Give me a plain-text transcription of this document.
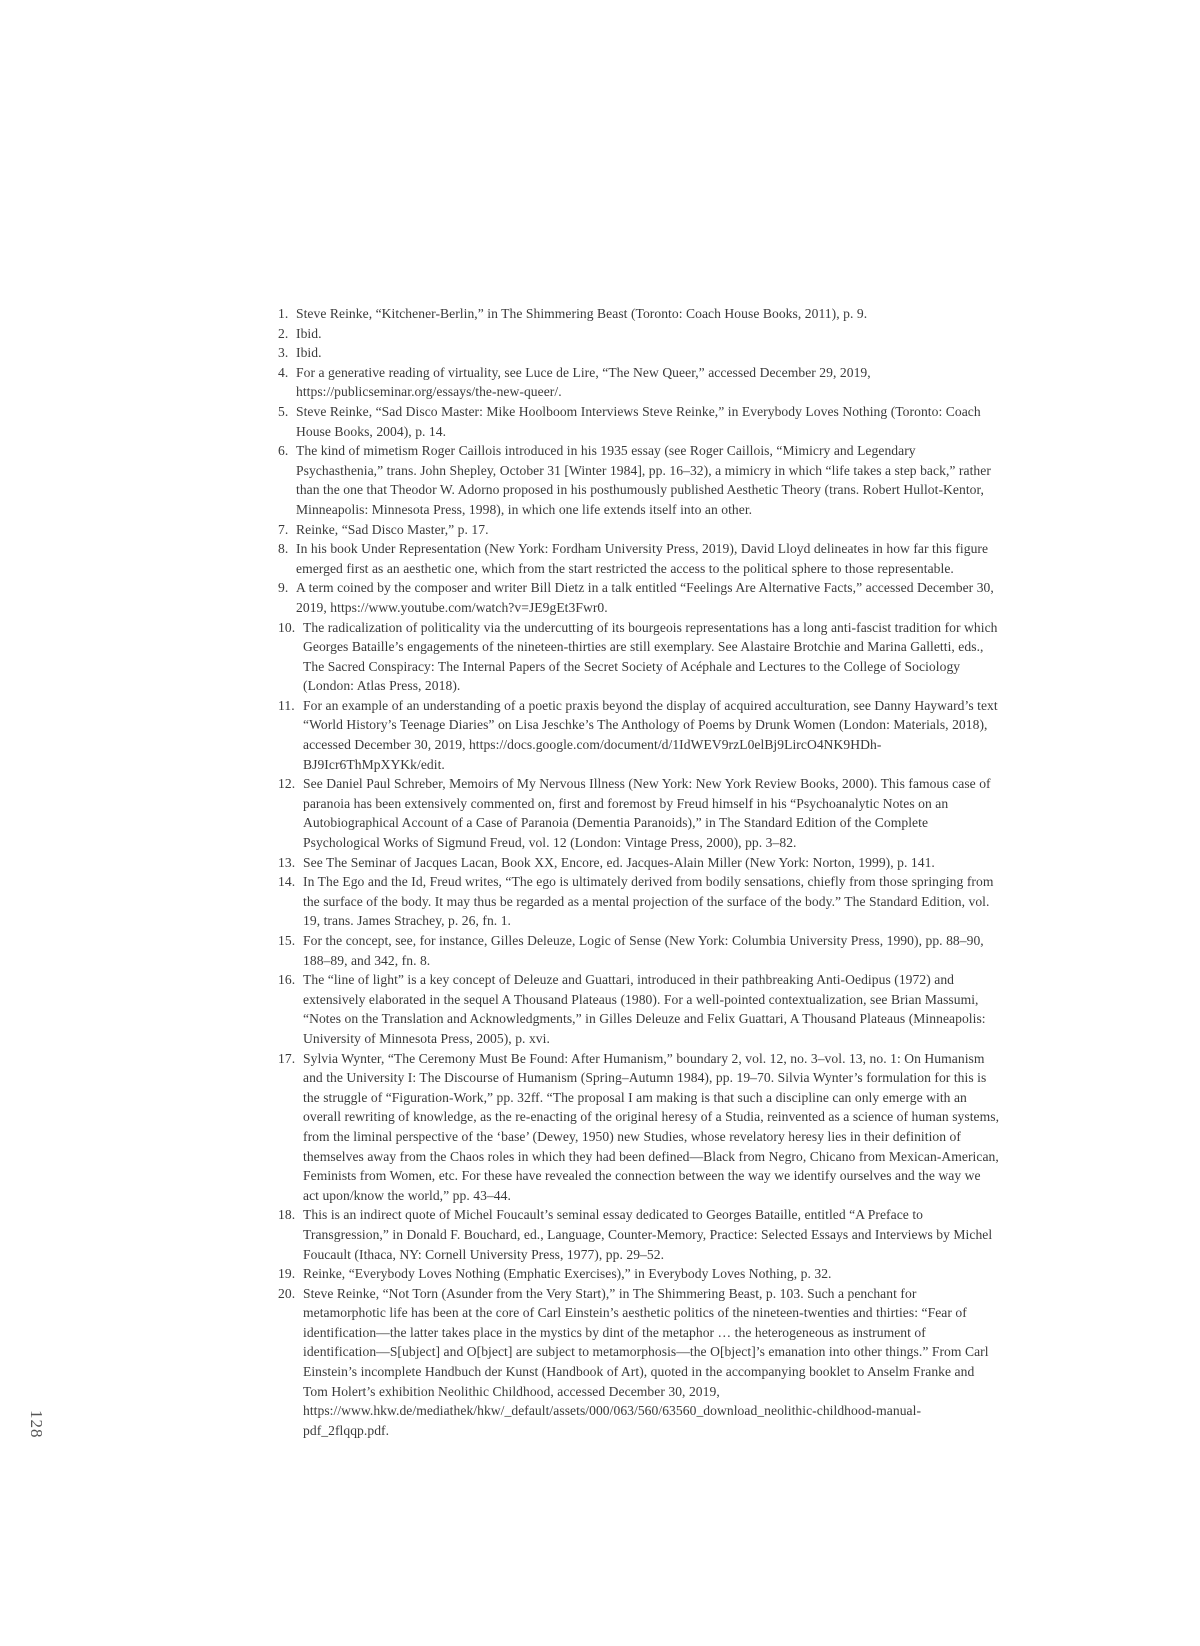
1. Steve Reinke, “Kitchener-Berlin,” in The Shimmering Beast (Toronto: Coach House Books, 2011), p. 9.
2. Ibid.
3. Ibid.
4. For a generative reading of virtuality, see Luce de Lire, “The New Queer,” accessed December 29, 2019, https://publicseminar.org/essays/the-new-queer/.
5. Steve Reinke, “Sad Disco Master: Mike Hoolboom Interviews Steve Reinke,” in Everybody Loves Nothing (Toronto: Coach House Books, 2004), p. 14.
6. The kind of mimetism Roger Caillois introduced in his 1935 essay (see Roger Caillois, “Mimicry and Legendary Psychasthenia,” trans. John Shepley, October 31 [Winter 1984], pp. 16–32), a mimicry in which “life takes a step back,” rather than the one that Theodor W. Adorno proposed in his posthumously published Aesthetic Theory (trans. Robert Hullot-Kentor, Minneapolis: Minnesota Press, 1998), in which one life extends itself into an other.
7. Reinke, “Sad Disco Master,” p. 17.
8. In his book Under Representation (New York: Fordham University Press, 2019), David Lloyd delineates in how far this figure emerged first as an aesthetic one, which from the start restricted the access to the political sphere to those representable.
9. A term coined by the composer and writer Bill Dietz in a talk entitled “Feelings Are Alternative Facts,” accessed December 30, 2019, https://www.youtube.com/watch?v=JE9gEt3Fwr0.
10. The radicalization of politicality via the undercutting of its bourgeois representations has a long anti-fascist tradition for which Georges Bataille’s engagements of the nineteen-thirties are still exemplary. See Alastaire Brotchie and Marina Galletti, eds., The Sacred Conspiracy: The Internal Papers of the Secret Society of Acéphale and Lectures to the College of Sociology (London: Atlas Press, 2018).
11. For an example of an understanding of a poetic praxis beyond the display of acquired acculturation, see Danny Hayward’s text “World History’s Teenage Diaries” on Lisa Jeschke’s The Anthology of Poems by Drunk Women (London: Materials, 2018), accessed December 30, 2019, https://docs.google.com/document/d/1IdWEV9rzL0elBj9LircO4NK9HDh-BJ9Icr6ThMpXYKk/edit.
12. See Daniel Paul Schreber, Memoirs of My Nervous Illness (New York: New York Review Books, 2000). This famous case of paranoia has been extensively commented on, first and foremost by Freud himself in his “Psychoanalytic Notes on an Autobiographical Account of a Case of Paranoia (Dementia Paranoids),” in The Standard Edition of the Complete Psychological Works of Sigmund Freud, vol. 12 (London: Vintage Press, 2000), pp. 3–82.
13. See The Seminar of Jacques Lacan, Book XX, Encore, ed. Jacques-Alain Miller (New York: Norton, 1999), p. 141.
14. In The Ego and the Id, Freud writes, “The ego is ultimately derived from bodily sensations, chiefly from those springing from the surface of the body. It may thus be regarded as a mental projection of the surface of the body.” The Standard Edition, vol. 19, trans. James Strachey, p. 26, fn. 1.
15. For the concept, see, for instance, Gilles Deleuze, Logic of Sense (New York: Columbia University Press, 1990), pp. 88–90, 188–89, and 342, fn. 8.
16. The “line of light” is a key concept of Deleuze and Guattari, introduced in their pathbreaking Anti-Oedipus (1972) and extensively elaborated in the sequel A Thousand Plateaus (1980). For a well-pointed contextualization, see Brian Massumi, “Notes on the Translation and Acknowledgments,” in Gilles Deleuze and Felix Guattari, A Thousand Plateaus (Minneapolis: University of Minnesota Press, 2005), p. xvi.
17. Sylvia Wynter, “The Ceremony Must Be Found: After Humanism,” boundary 2, vol. 12, no. 3–vol. 13, no. 1: On Humanism and the University I: The Discourse of Humanism (Spring–Autumn 1984), pp. 19–70. Silvia Wynter’s formulation for this is the struggle of “Figuration-Work,” pp. 32ff. “The proposal I am making is that such a discipline can only emerge with an overall rewriting of knowledge, as the re-enacting of the original heresy of a Studia, reinvented as a science of human systems, from the liminal perspective of the ‘base’ (Dewey, 1950) new Studies, whose revelatory heresy lies in their definition of themselves away from the Chaos roles in which they had been defined—Black from Negro, Chicano from Mexican-American, Feminists from Women, etc. For these have revealed the connection between the way we identify ourselves and the way we act upon/know the world,” pp. 43–44.
18. This is an indirect quote of Michel Foucault’s seminal essay dedicated to Georges Bataille, entitled “A Preface to Transgression,” in Donald F. Bouchard, ed., Language, Counter-Memory, Practice: Selected Essays and Interviews by Michel Foucault (Ithaca, NY: Cornell University Press, 1977), pp. 29–52.
19. Reinke, “Everybody Loves Nothing (Emphatic Exercises),” in Everybody Loves Nothing, p. 32.
20. Steve Reinke, “Not Torn (Asunder from the Very Start),” in The Shimmering Beast, p. 103. Such a penchant for metamorphotic life has been at the core of Carl Einstein’s aesthetic politics of the nineteen-twenties and thirties: “Fear of identification—the latter takes place in the mystics by dint of the metaphor … the heterogeneous as instrument of identification—S[ubject] and O[bject] are subject to metamorphosis—the O[bject]’s emanation into other things.” From Carl Einstein’s incomplete Handbuch der Kunst (Handbook of Art), quoted in the accompanying booklet to Anselm Franke and Tom Holert’s exhibition Neolithic Childhood, accessed December 30, 2019, https://www.hkw.de/mediathek/hkw/_default/assets/000/063/560/63560_download_neolithic-childhood-manual-pdf_2flqqp.pdf.
128
